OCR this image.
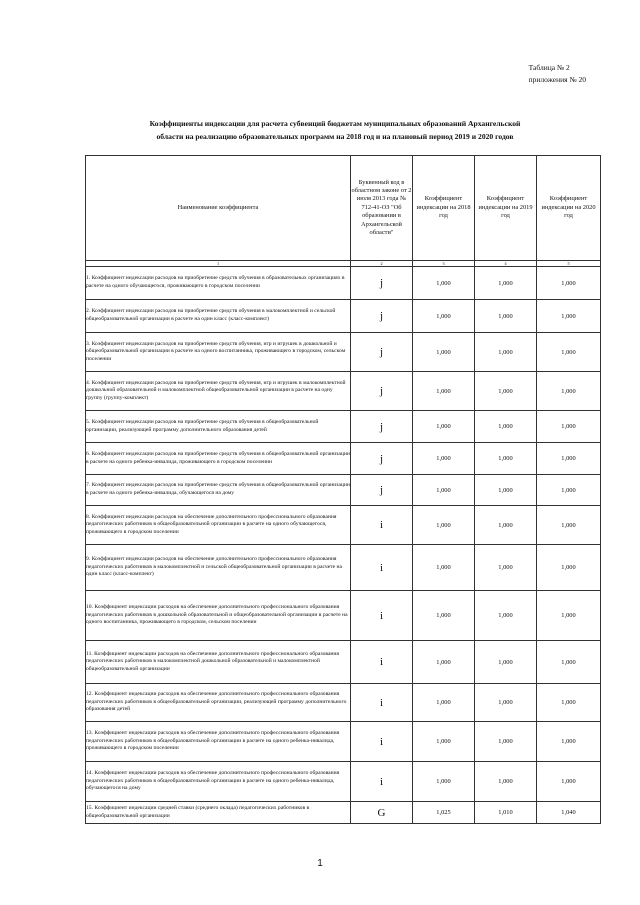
Таблица № 2
приложения № 20
Коэффициенты индексации для расчета субвенций бюджетам муниципальных образований Архангельской
области на реализацию образовательных программ на 2018 год и на плановый период 2019 и 2020 годов
Наименование коэффициента	Буквенный код в областном законе от 2 июля 2013 года № 712-41-ОЗ "Об образовании в Архангельской области"	Коэффициент индексации на 2018 год	Коэффициент индексации на 2019 год	Коэффициент индексации на 2020 год
1	2	3	4	5
1. Коэффициент индексации расходов на приобретение средств обучения в образовательных организациях в расчете на одного обучающегося, проживающего в городском поселении	j	1,000	1,000	1,000
2. Коэффициент индексации расходов на приобретение средств обучения в малокомплектной и сельской общеобразовательной организации в расчете на один класс (класс-комплект)	j	1,000	1,000	1,000
3. Коэффициент индексации расходов на приобретение средств обучения, игр и игрушек в дошкольной и общеобразовательной организации в расчете на одного воспитанника, проживающего в городском, сельском поселении	j	1,000	1,000	1,000
4. Коэффициент индексации расходов на приобретение средств обучения, игр и игрушек в малокомплектной дошкольной образовательной и малокомплектной общеобразовательной организации в расчете на одну группу (группу-комплект)	j	1,000	1,000	1,000
5. Коэффициент индексации расходов на приобретение средств обучения в общеобразовательной организации, реализующей программу дополнительного образования детей	j	1,000	1,000	1,000
6. Коэффициент индексации расходов на приобретение средств обучения в общеобразовательной организации в расчете на одного ребенка-инвалида, проживающего в городском поселении	j	1,000	1,000	1,000
7. Коэффициент индексации расходов на приобретение средств обучения в общеобразовательной организации в расчете на одного ребенка-инвалида, обучающегося на дому	j	1,000	1,000	1,000
8. Коэффициент индексации расходов на обеспечение дополнительного профессионального образования педагогических работников в общеобразовательной организации в расчете на одного обучающегося, проживающего в городском поселении	i	1,000	1,000	1,000
9. Коэффициент индексации расходов на обеспечение дополнительного профессионального образования педагогических работников в малокомплектной и сельской общеобразовательной организации в расчете на один класс (класс-комплект)	i	1,000	1,000	1,000
10. Коэффициент индексации расходов на обеспечение дополнительного профессионального образования педагогических работников в дошкольной образовательной и общеобразовательной организации в расчете на одного воспитанника, проживающего в городском, сельском поселении	i	1,000	1,000	1,000
11. Коэффициент индексации расходов на обеспечение дополнительного профессионального образования педагогических работников в малокомплектной дошкольной образовательной и малокомплектной общеобразовательной организации	i	1,000	1,000	1,000
12. Коэффициент индексации расходов на обеспечение дополнительного профессионального образования педагогических работников в общеобразовательной организации, реализующей программу дополнительного образования детей	i	1,000	1,000	1,000
13. Коэффициент индексации расходов на обеспечение дополнительного профессионального образования педагогических работников в общеобразовательной организации в расчете на одного ребенка-инвалида, проживающего в городском поселении	i	1,000	1,000	1,000
14. Коэффициент индексации расходов на обеспечение дополнительного профессионального образования педагогических работников в общеобразовательной организации в расчете на одного ребенка-инвалида, обучающегося на дому	i	1,000	1,000	1,000
15. Коэффициент индексации средней ставки (среднего оклада) педагогических работников в общеобразовательной организации	G	1,025	1,010	1,040
1
